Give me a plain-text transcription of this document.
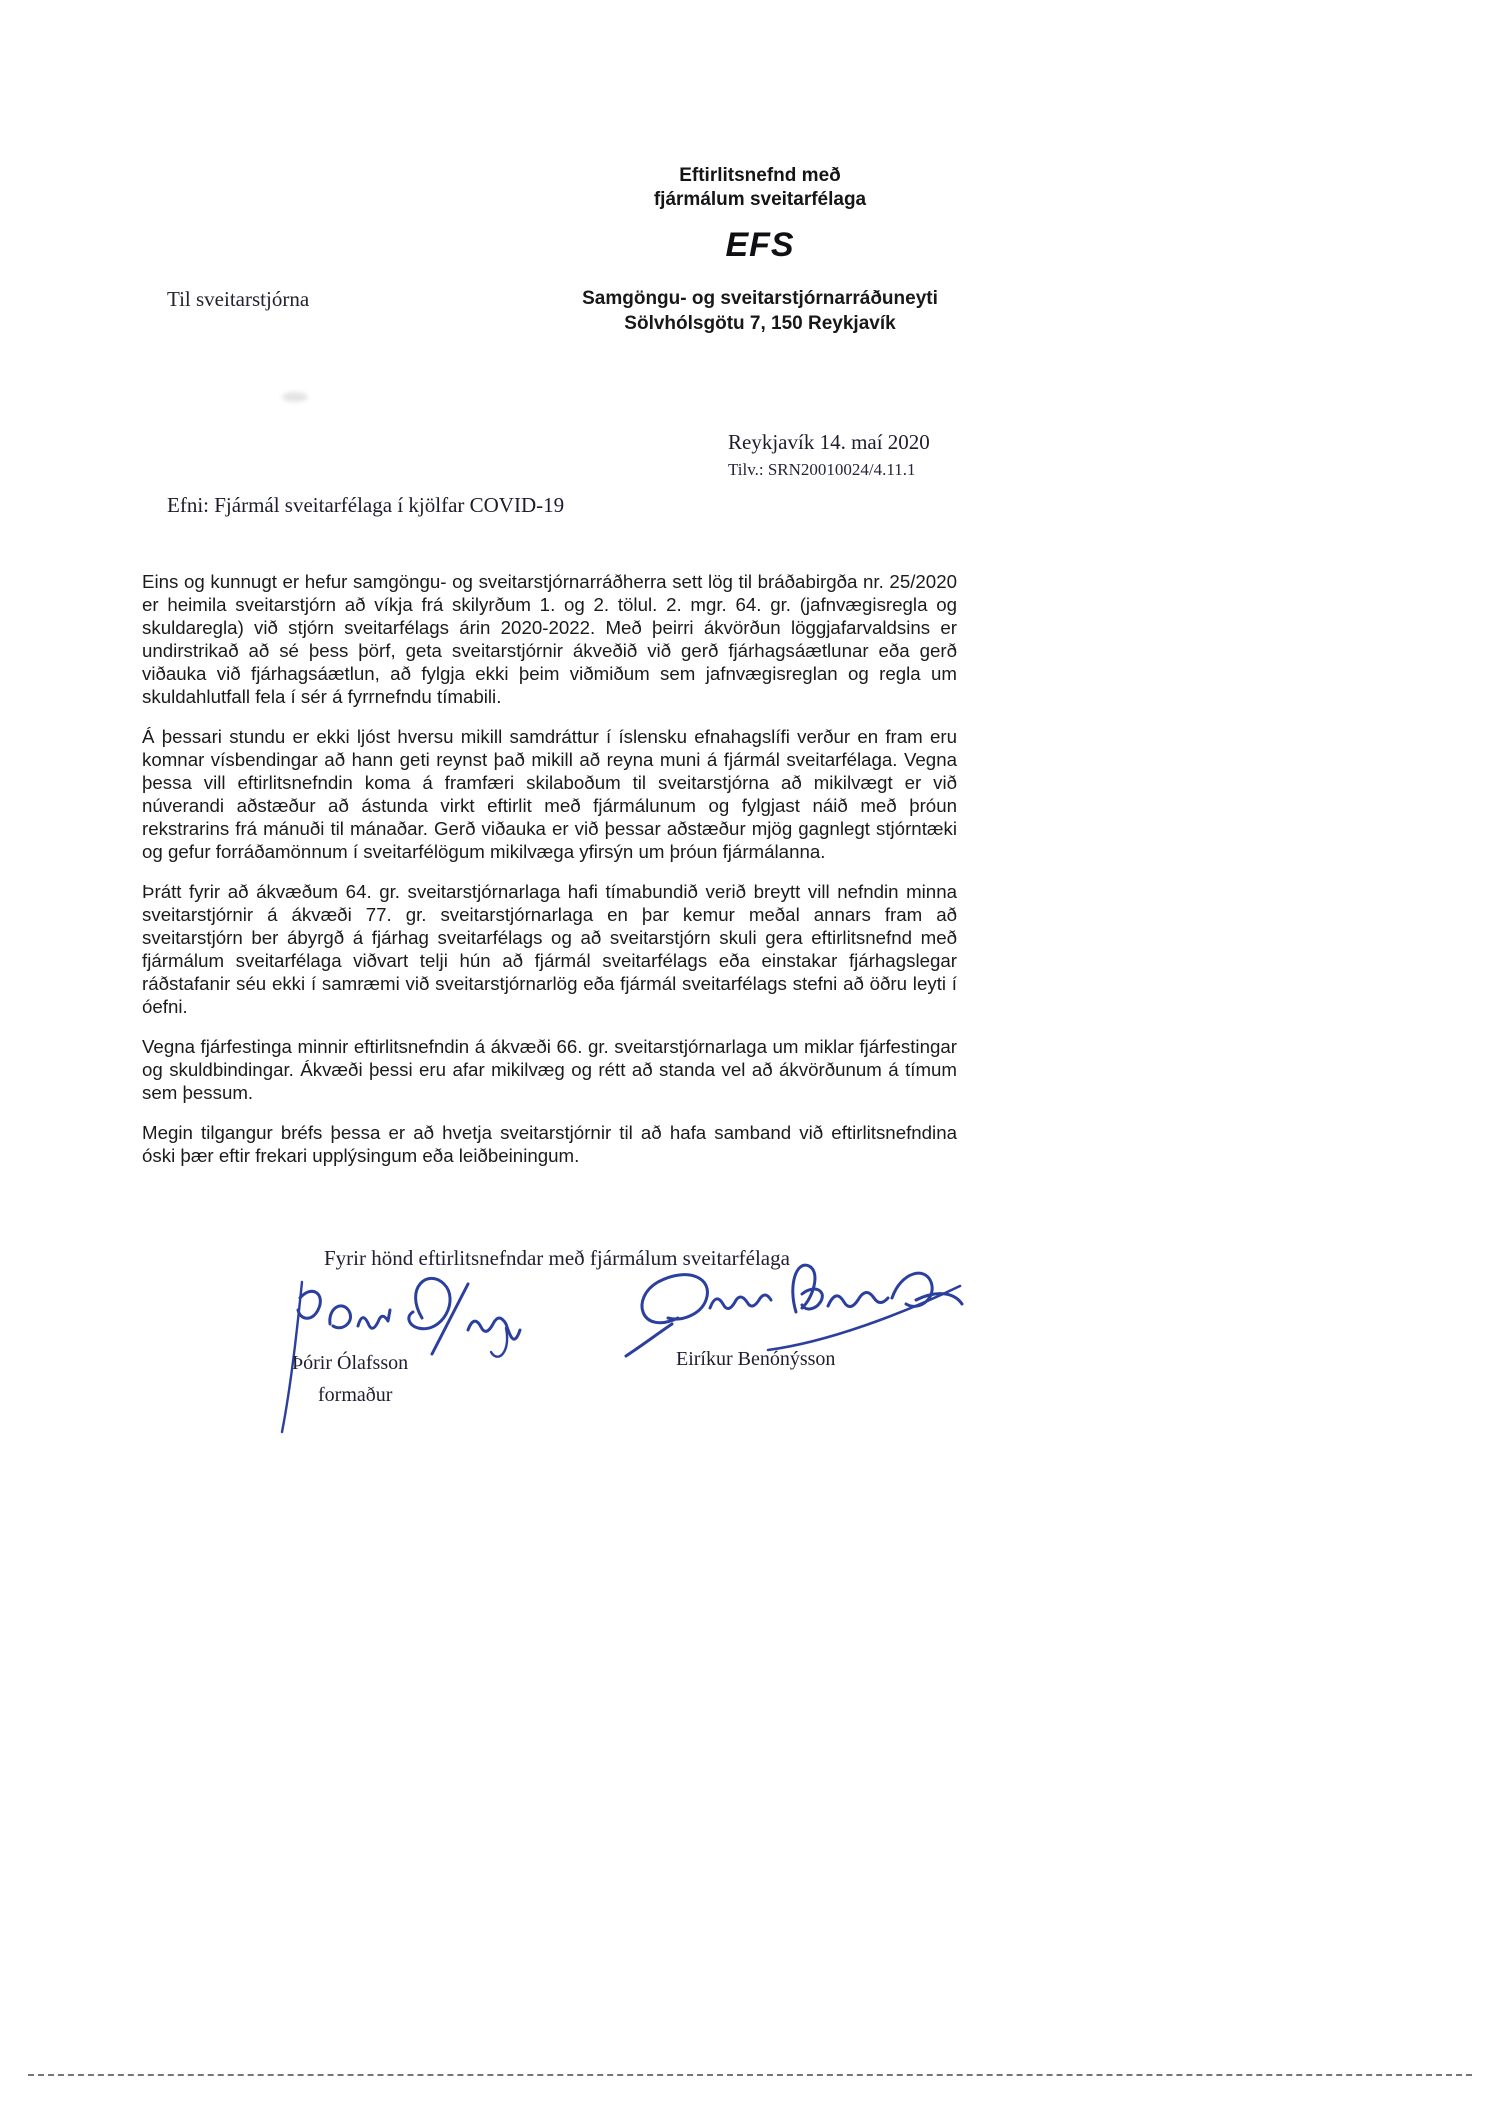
Eftirlitsnefnd með
fjármálum sveitarfélaga
EFS
Til sveitarstjórna	Samgöngu- og sveitarstjórnarráðuneyti
Sölvhólsgötu 7, 150 Reykjavík
Reykjavík 14. maí 2020
Tilv.: SRN20010024/4.11.1
Efni: Fjármál sveitarfélaga í kjölfar COVID-19

Eins og kunnugt er hefur samgöngu- og sveitarstjórnarráðherra sett lög til bráðabirgða nr. 25/2020 er heimila sveitarstjórn að víkja frá skilyrðum 1. og 2. tölul. 2. mgr. 64. gr. (jafnvægisregla og skuldaregla) við stjórn sveitarfélags árin 2020-2022. Með þeirri ákvörðun löggjafarvaldsins er undirstrikað að sé þess þörf, geta sveitarstjórnir ákveðið við gerð fjárhagsáætlunar eða gerð viðauka við fjárhagsáætlun, að fylgja ekki þeim viðmiðum sem jafnvægisreglan og regla um skuldahlutfall fela í sér á fyrrnefndu tímabili.

Á þessari stundu er ekki ljóst hversu mikill samdráttur í íslensku efnahagslífi verður en fram eru komnar vísbendingar að hann geti reynst það mikill að reyna muni á fjármál sveitarfélaga. Vegna þessa vill eftirlitsnefndin koma á framfæri skilaboðum til sveitarstjórna að mikilvægt er við núverandi aðstæður að ástunda virkt eftirlit með fjármálunum og fylgjast náið með þróun rekstrarins frá mánuði til mánaðar. Gerð viðauka er við þessar aðstæður mjög gagnlegt stjórntæki og gefur forráðamönnum í sveitarfélögum mikilvæga yfirsýn um þróun fjármálanna.

Þrátt fyrir að ákvæðum 64. gr. sveitarstjórnarlaga hafi tímabundið verið breytt vill nefndin minna sveitarstjórnir á ákvæði 77. gr. sveitarstjórnarlaga en þar kemur meðal annars fram að sveitarstjórn ber ábyrgð á fjárhag sveitarfélags og að sveitarstjórn skuli gera eftirlitsnefnd með fjármálum sveitarfélaga viðvart telji hún að fjármál sveitarfélags eða einstakar fjárhagslegar ráðstafanir séu ekki í samræmi við sveitarstjórnarlög eða fjármál sveitarfélags stefni að öðru leyti í óefni.

Vegna fjárfestinga minnir eftirlitsnefndin á ákvæði 66. gr. sveitarstjórnarlaga um miklar fjárfestingar og skuldbindingar. Ákvæði þessi eru afar mikilvæg og rétt að standa vel að ákvörðunum á tímum sem þessum.

Megin tilgangur bréfs þessa er að hvetja sveitarstjórnir til að hafa samband við eftirlitsnefndina óski þær eftir frekari upplýsingum eða leiðbeiningum.

Fyrir hönd eftirlitsnefndar með fjármálum sveitarfélaga
Þórir Ólafsson
formaður
Eiríkur Benónýsson
